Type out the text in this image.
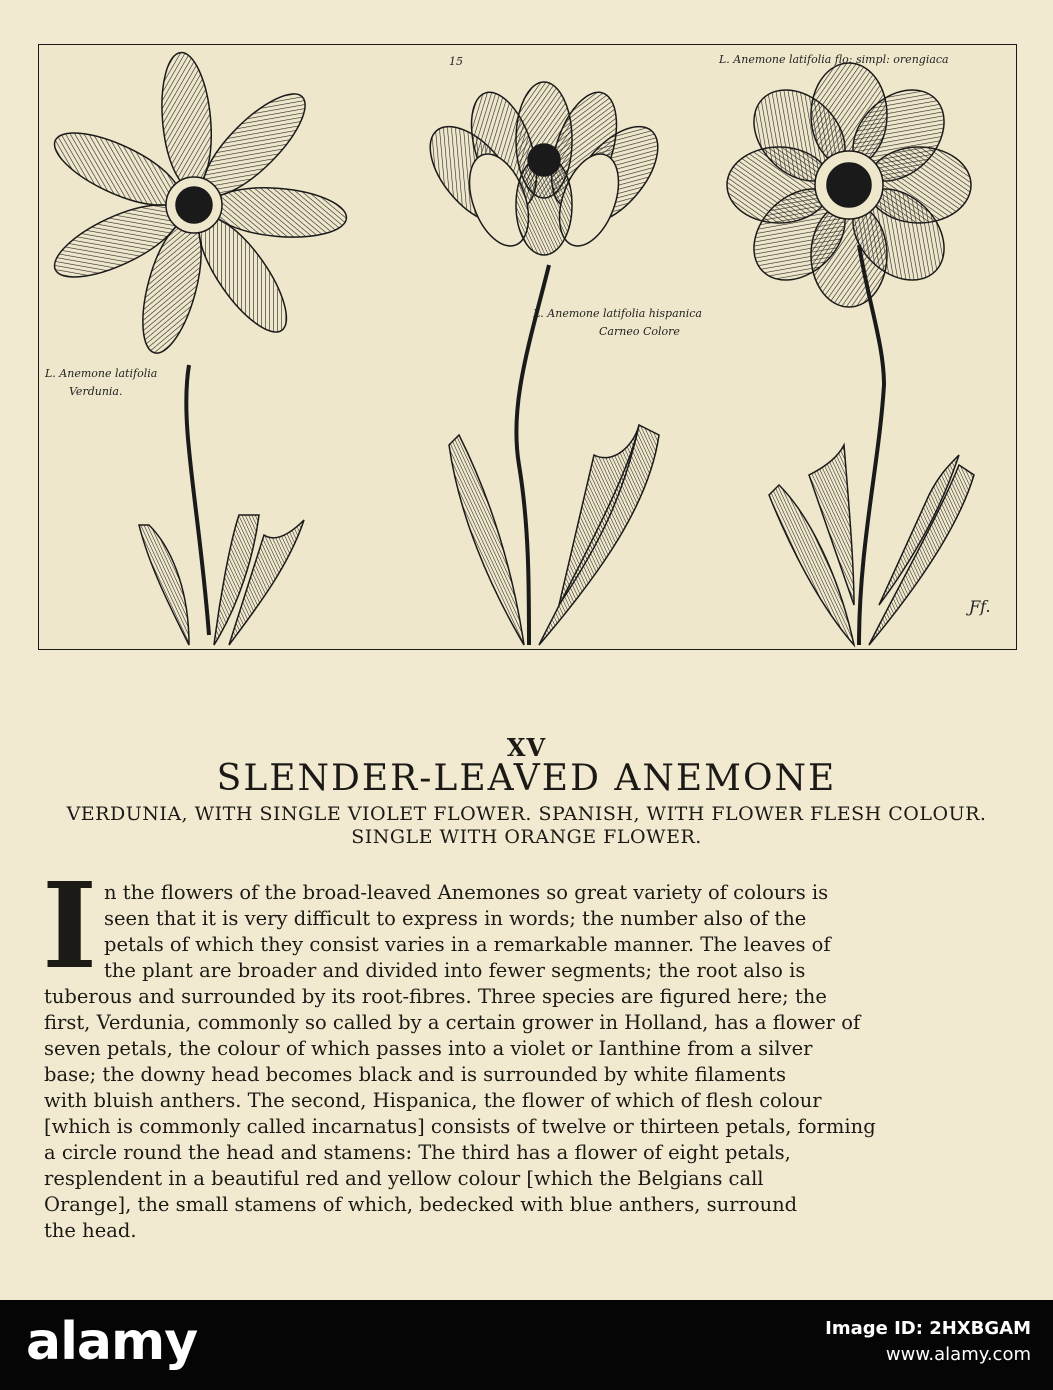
15	L. Anemone latifolia flo: simpl: orengiaca
L. Anemone latifolia
Verdunia.
L. Anemone latifolia hispanica
Carneo Colore
Ƒf.
XV
SLENDER-LEAVED ANEMONE
VERDUNIA, WITH SINGLE VIOLET FLOWER. SPANISH, WITH FLOWER FLESH COLOUR.
SINGLE WITH ORANGE FLOWER.
I n the flowers of the broad-leaved Anemones so great variety of colours is
seen that it is very difficult to express in words; the number also of the
petals of which they consist varies in a remarkable manner. The leaves of
the plant are broader and divided into fewer segments; the root also is
tuberous and surrounded by its root-fibres. Three species are figured here; the
first, Verdunia, commonly so called by a certain grower in Holland, has a flower of
seven petals, the colour of which passes into a violet or Ianthine from a silver
base; the downy head becomes black and is surrounded by white filaments
with bluish anthers. The second, Hispanica, the flower of which of flesh colour
[which is commonly called incarnatus] consists of twelve or thirteen petals, forming
a circle round the head and stamens: The third has a flower of eight petals,
resplendent in a beautiful red and yellow colour [which the Belgians call
Orange], the small stamens of which, bedecked with blue anthers, surround
the head.
alamy	Image ID: 2HXBGAM
www.alamy.com
